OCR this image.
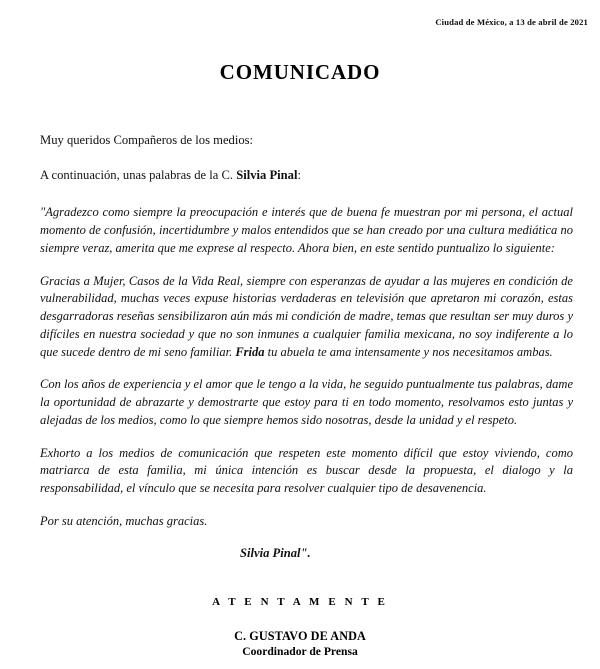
Ciudad de México, a 13 de abril de 2021
COMUNICADO

Muy queridos Compañeros de los medios:

A continuación, unas palabras de la C. Silvia Pinal:

"Agradezco como siempre la preocupación e interés que de buena fe muestran por mi persona, el actual momento de confusión, incertidumbre y malos entendidos que se han creado por una cultura mediática no siempre veraz, amerita que me exprese al respecto. Ahora bien, en este sentido puntualizo lo siguiente:

Gracias a Mujer, Casos de la Vida Real, siempre con esperanzas de ayudar a las mujeres en condición de vulnerabilidad, muchas veces expuse historias verdaderas en televisión que apretaron mi corazón, estas desgarradoras reseñas sensibilizaron aún más mi condición de madre, temas que resultan ser muy duros y difíciles en nuestra sociedad y que no son inmunes a cualquier familia mexicana, no soy indiferente a lo que sucede dentro de mi seno familiar. Frida tu abuela te ama intensamente y nos necesitamos ambas.

Con los años de experiencia y el amor que le tengo a la vida, he seguido puntualmente tus palabras, dame la oportunidad de abrazarte y demostrarte que estoy para ti en todo momento, resolvamos esto juntas y alejadas de los medios, como lo que siempre hemos sido nosotras, desde la unidad y el respeto.

Exhorto a los medios de comunicación que respeten este momento difícil que estoy viviendo, como matriarca de esta familia, mi única intención es buscar desde la propuesta, el dialogo y la responsabilidad, el vínculo que se necesita para resolver cualquier tipo de desavenencia.

Por su atención, muchas gracias.

Silvia Pinal".

A T E N T A M E N T E
C. GUSTAVO DE ANDA
Coordinador de Prensa
